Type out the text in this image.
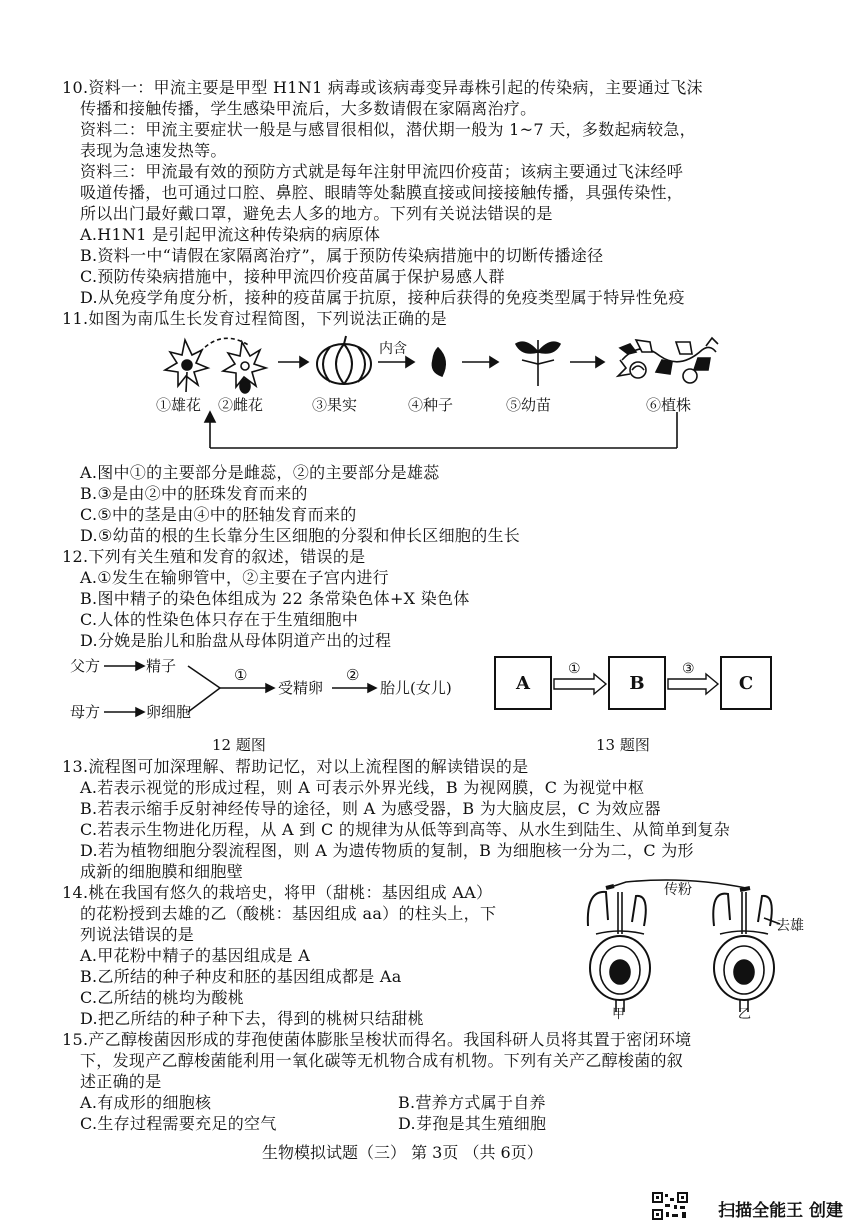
10.资料一：甲流主要是甲型 H1N1 病毒或该病毒变异毒株引起的传染病，主要通过飞沫
传播和接触传播，学生感染甲流后，大多数请假在家隔离治疗。
资料二：甲流主要症状一般是与感冒很相似，潜伏期一般为 1~7 天，多数起病较急，
表现为急速发热等。
资料三：甲流最有效的预防方式就是每年注射甲流四价疫苗；该病主要通过飞沫经呼
吸道传播，也可通过口腔、鼻腔、眼睛等处黏膜直接或间接接触传播，具强传染性，
所以出门最好戴口罩，避免去人多的地方。下列有关说法错误的是
A.H1N1 是引起甲流这种传染病的病原体
B.资料一中“请假在家隔离治疗”，属于预防传染病措施中的切断传播途径
C.预防传染病措施中，接种甲流四价疫苗属于保护易感人群
D.从免疫学角度分析，接种的疫苗属于抗原，接种后获得的免疫类型属于特异性免疫
11.如图为南瓜生长发育过程简图，下列说法正确的是
内含
①雄花 ②雌花	③果实	④种子	⑤幼苗	⑥植株
A.图中①的主要部分是雌蕊，②的主要部分是雄蕊
B.③是由②中的胚珠发育而来的
C.⑤中的茎是由④中的胚轴发育而来的
D.⑤幼苗的根的生长靠分生区细胞的分裂和伸长区细胞的生长
12.下列有关生殖和发育的叙述，错误的是
A.①发生在输卵管中，②主要在子宫内进行
B.图中精子的染色体组成为 22 条常染色体+X 染色体
C.人体的性染色体只存在于生殖细胞中
D.分娩是胎儿和胎盘从母体阴道产出的过程
父方	精子
母方	卵细胞
①
受精卵
②
胎儿(女儿)	A	B	C
①	③
12 题图	13 题图
13.流程图可加深理解、帮助记忆，对以上流程图的解读错误的是
A.若表示视觉的形成过程，则 A 可表示外界光线，B 为视网膜，C 为视觉中枢
B.若表示缩手反射神经传导的途径，则 A 为感受器，B 为大脑皮层，C 为效应器
C.若表示生物进化历程，从 A 到 C 的规律为从低等到高等、从水生到陆生、从简单到复杂
D.若为植物细胞分裂流程图，则 A 为遗传物质的复制，B 为细胞核一分为二，C 为形
成新的细胞膜和细胞壁
14.桃在我国有悠久的栽培史，将甲（甜桃：基因组成 AA）
的花粉授到去雄的乙（酸桃：基因组成 aa）的柱头上，下
列说法错误的是
A.甲花粉中精子的基因组成是 A
B.乙所结的种子种皮和胚的基因组成都是 Aa
C.乙所结的桃均为酸桃
D.把乙所结的种子种下去，得到的桃树只结甜桃
传粉
去雄
甲	乙
15.产乙醇梭菌因形成的芽孢使菌体膨胀呈梭状而得名。我国科研人员将其置于密闭环境
下，发现产乙醇梭菌能利用一氧化碳等无机物合成有机物。下列有关产乙醇梭菌的叙
述正确的是
A.有成形的细胞核	B.营养方式属于自养
C.生存过程需要充足的空气	D.芽孢是其生殖细胞
生物模拟试题（三） 第 3页 （共 6页）
扫描全能王 创建
